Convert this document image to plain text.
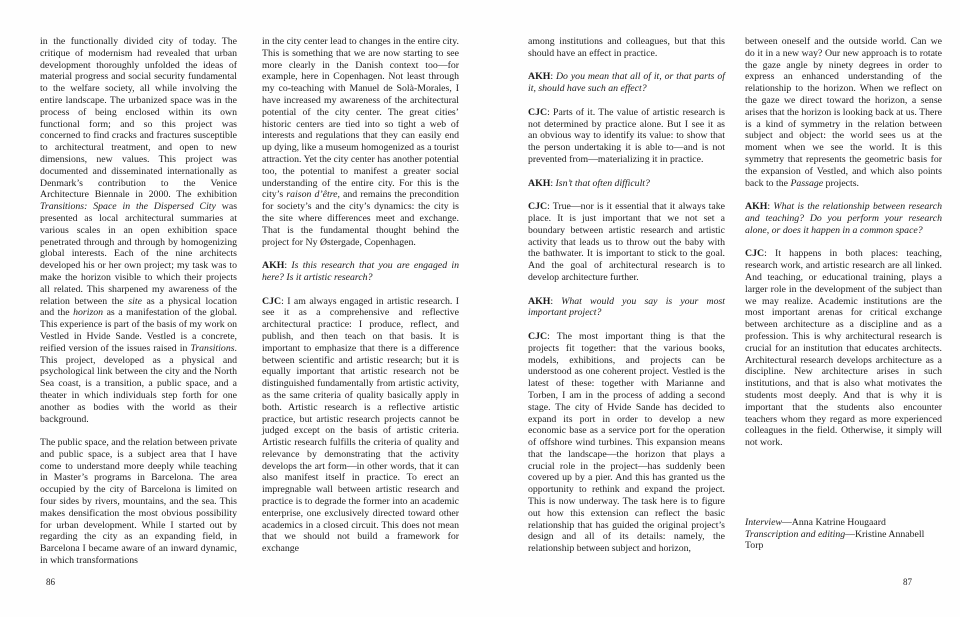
in the functionally divided city of today. The critique of modernism had revealed that urban development thoroughly unfolded the ideas of material progress and social security fundamental to the welfare society, all while involving the entire landscape. The urbanized space was in the process of being enclosed within its own functional form; and so this project was concerned to find cracks and fractures susceptible to architectural treatment, and open to new dimensions, new values. This project was documented and disseminated internationally as Denmark’s contribution to the Venice Architecture Biennale in 2000. The exhibition Transitions: Space in the Dispersed City was presented as local architectural summaries at various scales in an open exhibition space penetrated through and through by homogenizing global interests. Each of the nine architects developed his or her own project; my task was to make the horizon visible to which their projects all related. This sharpened my awareness of the relation between the site as a physical location and the horizon as a manifestation of the global. This experience is part of the basis of my work on Vestled in Hvide Sande. Vestled is a concrete, reified version of the issues raised in Transitions. This project, developed as a physical and psychological link between the city and the North Sea coast, is a transition, a public space, and a theater in which individuals step forth for one another as bodies with the world as their background.

The public space, and the relation between private and public space, is a subject area that I have come to understand more deeply while teaching in Master’s programs in Barcelona. The area occupied by the city of Barcelona is limited on four sides by rivers, mountains, and the sea. This makes densification the most obvious possibility for urban development. While I started out by regarding the city as an expanding field, in Barcelona I became aware of an inward dynamic, in which transformations

in the city center lead to changes in the entire city. This is something that we are now starting to see more clearly in the Danish context too—for example, here in Copenhagen. Not least through my co-teaching with Manuel de Solà-Morales, I have increased my awareness of the architectural potential of the city center. The great cities’ historic centers are tied into so tight a web of interests and regulations that they can easily end up dying, like a museum homogenized as a tourist attraction. Yet the city center has another potential too, the potential to manifest a greater social understanding of the entire city. For this is the city’s raison d’être, and remains the precondition for society’s and the city’s dynamics: the city is the site where differences meet and exchange. That is the fundamental thought behind the project for Ny Østergade, Copenhagen.

AKH: Is this research that you are engaged in here? Is it artistic research?

CJC: I am always engaged in artistic research. I see it as a comprehensive and reflective architectural practice: I produce, reflect, and publish, and then teach on that basis. It is important to emphasize that there is a difference between scientific and artistic research; but it is equally important that artistic research not be distinguished fundamentally from artistic activity, as the same criteria of quality basically apply in both. Artistic research is a reflective artistic practice, but artistic research projects cannot be judged except on the basis of artistic criteria. Artistic research fulfills the criteria of quality and relevance by demonstrating that the activity develops the art form—in other words, that it can also manifest itself in practice. To erect an impregnable wall between artistic research and practice is to degrade the former into an academic enterprise, one exclusively directed toward other academics in a closed circuit. This does not mean that we should not build a framework for exchange

among institutions and colleagues, but that this should have an effect in practice.

AKH: Do you mean that all of it, or that parts of it, should have such an effect?

CJC: Parts of it. The value of artistic research is not determined by practice alone. But I see it as an obvious way to identify its value: to show that the person undertaking it is able to—and is not prevented from—materializing it in practice.

AKH: Isn’t that often difficult?

CJC: True—nor is it essential that it always take place. It is just important that we not set a boundary between artistic research and artistic activity that leads us to throw out the baby with the bathwater. It is important to stick to the goal. And the goal of architectural research is to develop architecture further.

AKH: What would you say is your most important project?

CJC: The most important thing is that the projects fit together: that the various books, models, exhibitions, and projects can be understood as one coherent project. Vestled is the latest of these: together with Marianne and Torben, I am in the process of adding a second stage. The city of Hvide Sande has decided to expand its port in order to develop a new economic base as a service port for the operation of offshore wind turbines. This expansion means that the landscape—the horizon that plays a crucial role in the project—has suddenly been covered up by a pier. And this has granted us the opportunity to rethink and expand the project. This is now underway. The task here is to figure out how this extension can reflect the basic relationship that has guided the original project’s design and all of its details: namely, the relationship between subject and horizon,

between oneself and the outside world. Can we do it in a new way? Our new approach is to rotate the gaze angle by ninety degrees in order to express an enhanced understanding of the relationship to the horizon. When we reflect on the gaze we direct toward the horizon, a sense arises that the horizon is looking back at us. There is a kind of symmetry in the relation between subject and object: the world sees us at the moment when we see the world. It is this symmetry that represents the geometric basis for the expansion of Vestled, and which also points back to the Passage projects.

AKH: What is the relationship between research and teaching? Do you perform your research alone, or does it happen in a common space?

CJC: It happens in both places: teaching, research work, and artistic research are all linked. And teaching, or educational training, plays a larger role in the development of the subject than we may realize. Academic institutions are the most important arenas for critical exchange between architecture as a discipline and as a profession. This is why architectural research is crucial for an institution that educates architects. Architectural research develops architecture as a discipline. New architecture arises in such institutions, and that is also what motivates the students most deeply. And that is why it is important that the students also encounter teachers whom they regard as more experienced colleagues in the field. Otherwise, it simply will not work.

Interview—Anna Katrine Hougaard

Transcription and editing—Kristine Annabell Torp

86	87
